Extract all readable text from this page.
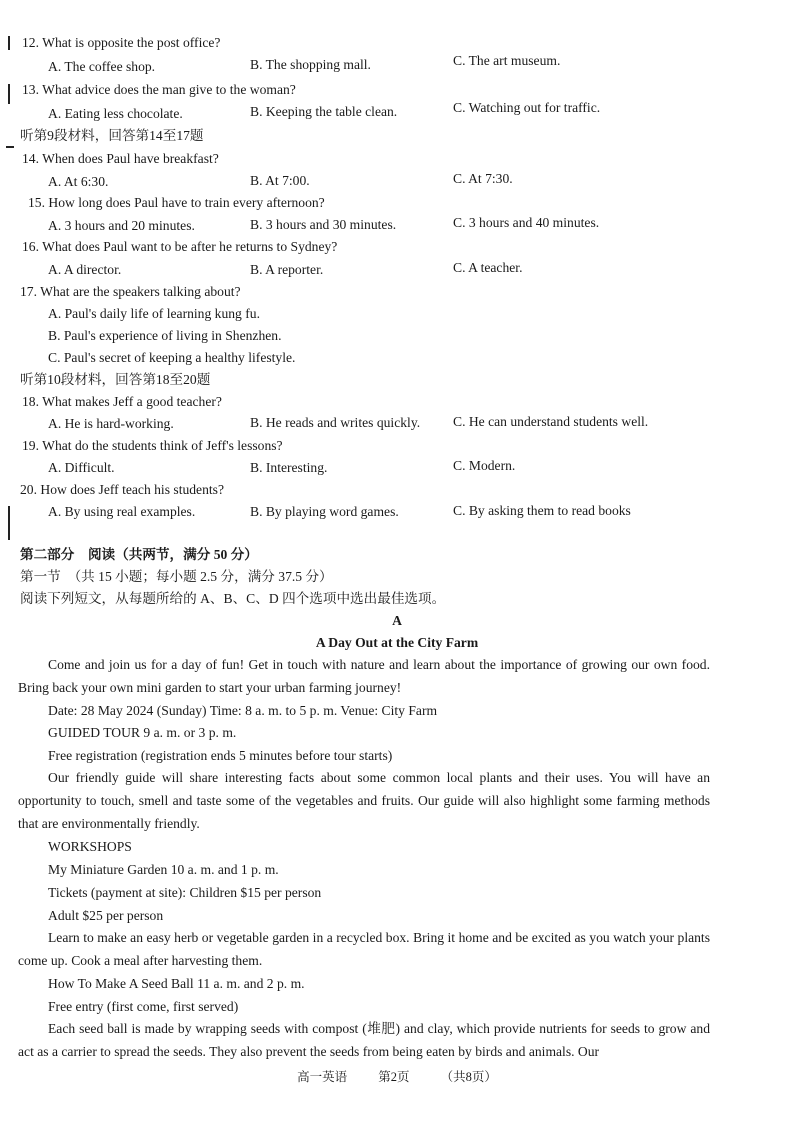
12. What is opposite the post office?
A. The coffee shop.	B. The shopping mall.	C. The art museum.
13. What advice does the man give to the woman?
A. Eating less chocolate.	B. Keeping the table clean.	C. Watching out for traffic.
听第9段材料，回答第14至17题
14. When does Paul have breakfast?
A. At 6:30.	B. At 7:00.	C. At 7:30.
15. How long does Paul have to train every afternoon?
A. 3 hours and 20 minutes.	B. 3 hours and 30 minutes.	C. 3 hours and 40 minutes.
16. What does Paul want to be after he returns to Sydney?
A. A director.	B. A reporter.	C. A teacher.
17. What are the speakers talking about?
A. Paul's daily life of learning kung fu.
B. Paul's experience of living in Shenzhen.
C. Paul's secret of keeping a healthy lifestyle.
听第10段材料，回答第18至20题
18. What makes Jeff a good teacher?
A. He is hard-working.	B. He reads and writes quickly. C. He can understand students well.
19. What do the students think of Jeff's lessons?
A. Difficult.	B. Interesting.	C. Modern.
20. How does Jeff teach his students?
A. By using real examples.	B. By playing word games.	C. By asking them to read books
第二部分　阅读（共两节，满分 50 分）
第一节　（共 15 小题；每小题 2.5 分，满分 37.5 分）
阅读下列短文，从每题所给的 A、B、C、D 四个选项中选出最佳选项。
A
A Day Out at the City Farm
Come and join us for a day of fun! Get in touch with nature and learn about the importance of growing our own food. Bring back your own mini garden to start your urban farming journey!
Date: 28 May 2024 (Sunday) Time: 8 a. m. to 5 p. m. Venue: City Farm
GUIDED TOUR 9 a. m. or 3 p. m.
Free registration (registration ends 5 minutes before tour starts)
Our friendly guide will share interesting facts about some common local plants and their uses. You will have an opportunity to touch, smell and taste some of the vegetables and fruits. Our guide will also highlight some farming methods that are environmentally friendly.
WORKSHOPS
My Miniature Garden 10 a. m. and 1 p. m.
Tickets (payment at site): Children $15 per person
Adult $25 per person
Learn to make an easy herb or vegetable garden in a recycled box. Bring it home and be excited as you watch your plants come up. Cook a meal after harvesting them.
How To Make A Seed Ball 11 a. m. and 2 p. m.
Free entry (first come, first served)
Each seed ball is made by wrapping seeds with compost (堆肥) and clay, which provide nutrients for seeds to grow and act as a carrier to spread the seeds. They also prevent the seeds from being eaten by birds and animals. Our
高一英语 第2页 （共8页）
